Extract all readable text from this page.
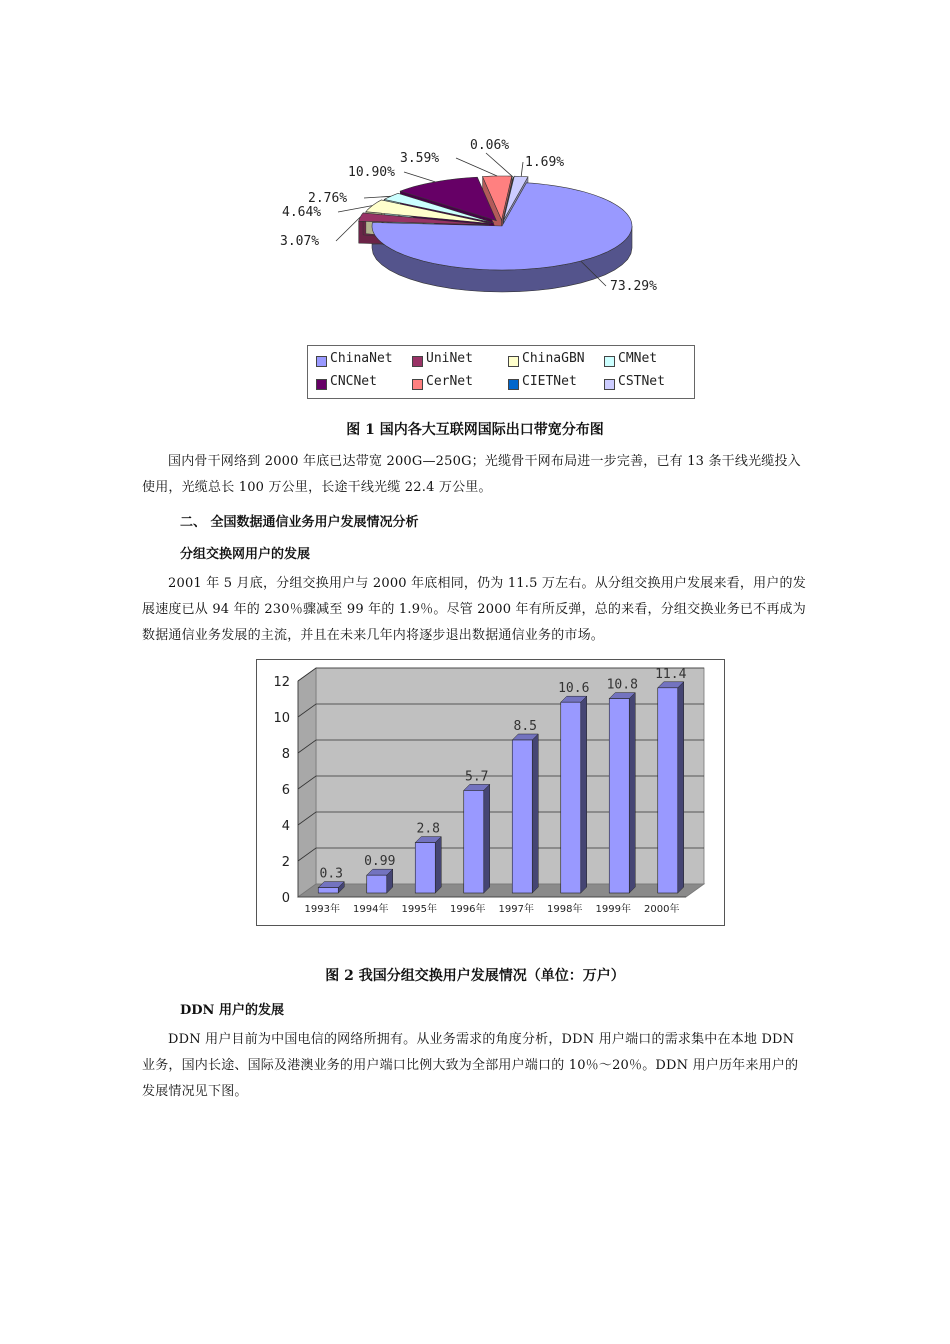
73.29%
3.07%
4.64%
2.76%
10.90%
3.59%
0.06%
1.69%
ChinaNet	UniNet	ChinaGBN	CMNet
CNCNet	CerNet	CIETNet	CSTNet
图 1 国内各大互联网国际出口带宽分布图
国内骨干网络到 2000 年底已达带宽 200G—250G；光缆骨干网布局进一步完善，已有 13 条干线光缆投入使用，光缆总长 100 万公里，长途干线光缆 22.4 万公里。
二、 全国数据通信业务用户发展情况分析
分组交换网用户的发展
2001 年 5 月底，分组交换用户与 2000 年底相同，仍为 11.5 万左右。从分组交换用户发展来看，用户的发展速度已从 94 年的 230％骤减至 99 年的 1.9％。尽管 2000 年有所反弹，总的来看，分组交换业务已不再成为数据通信业务发展的主流，并且在未来几年内将逐步退出数据通信业务的市场。
0
2
4
6
8
10
12
0.3
1993年
0.99
1994年
2.8
1995年
5.7
1996年
8.5
1997年
10.6
1998年
10.8
1999年
11.4
2000年
图 2 我国分组交换用户发展情况（单位：万户）
DDN 用户的发展
DDN 用户目前为中国电信的网络所拥有。从业务需求的角度分析，DDN 用户端口的需求集中在本地 DDN 业务，国内长途、国际及港澳业务的用户端口比例大致为全部用户端口的 10％～20％。DDN 用户历年来用户的发展情况见下图。
